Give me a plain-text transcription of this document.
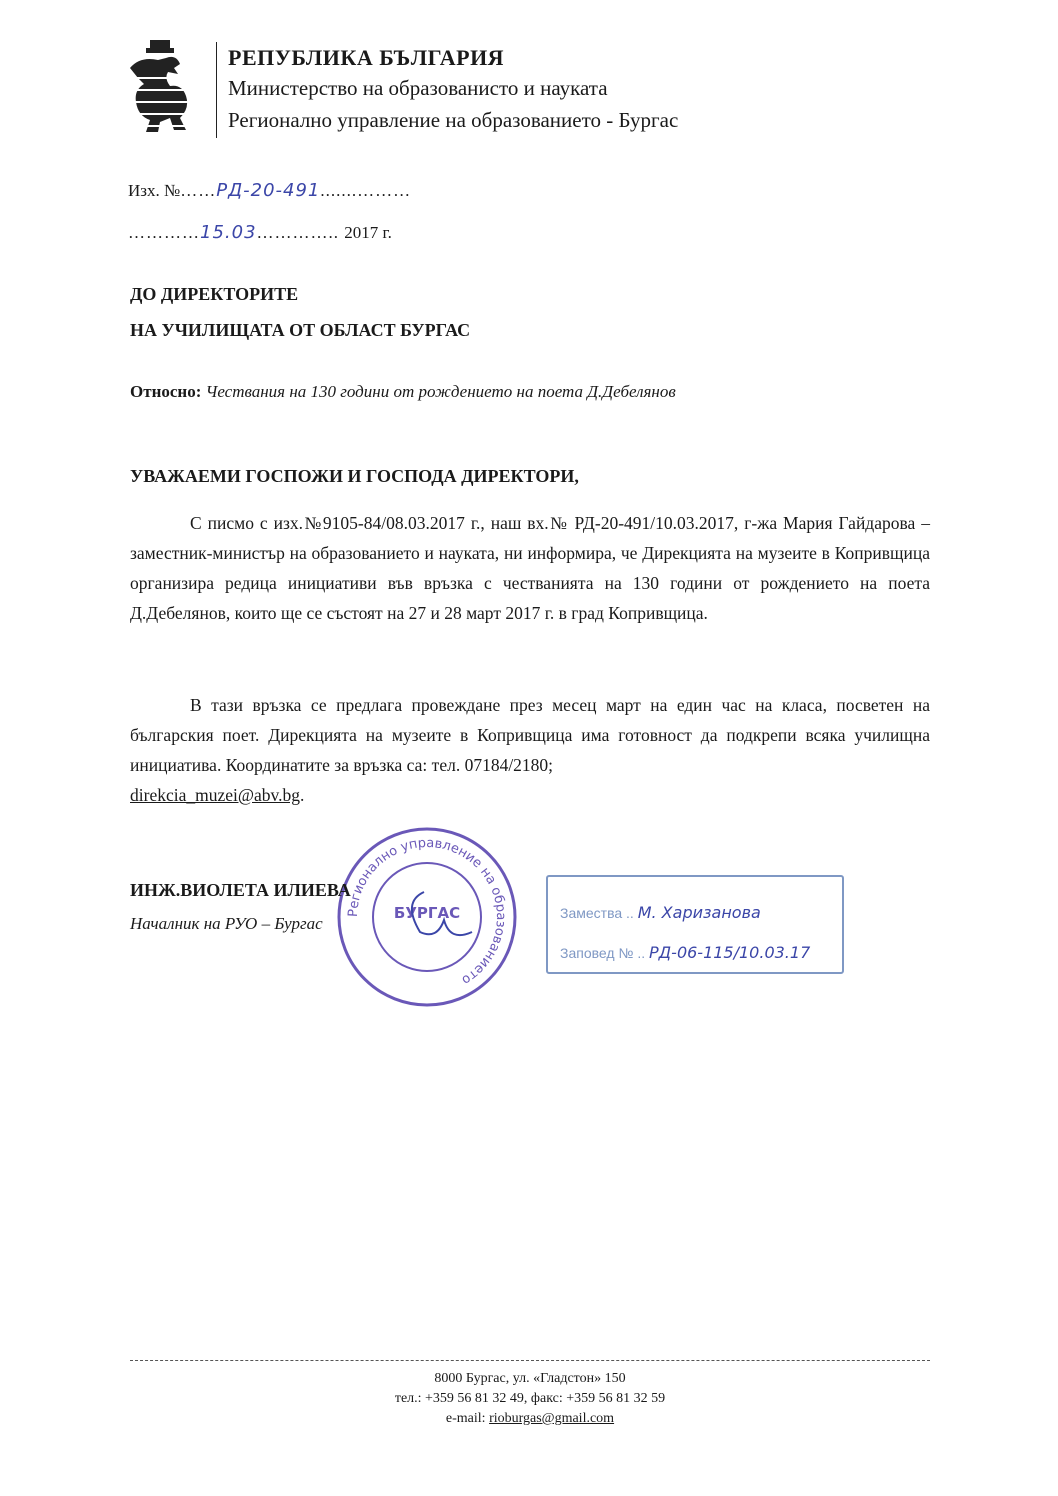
РЕПУБЛИКА БЪЛГАРИЯ
Министерство на образованисто и науката
Регионално управление на образованието - Бургас
Изх. №……РД-20-491.......………
…………15.03………….. 2017 г.
ДО ДИРЕКТОРИТЕ
НА УЧИЛИЩАТА ОТ ОБЛАСТ БУРГАС
Относно: Чествания на 130 години от рождението на поета Д.Дебелянов
УВАЖАЕМИ ГОСПОЖИ И ГОСПОДА ДИРЕКТОРИ,
С писмо с изх.№9105-84/08.03.2017 г., наш вх.№ РД-20-491/10.03.2017, г-жа Мария Гайдарова – заместник-министър на образованието и науката, ни информира, че Дирекцията на музеите в Копривщица организира редица инициативи във връзка с честванията на 130 години от рождението на поета Д.Дебелянов, които ще се състоят на 27 и 28 март 2017 г. в град Копривщица.
В тази връзка се предлага провеждане през месец март на един час на класа, посветен на българския поет. Дирекцията на музеите в Копривщица има готовност да подкрепи всяка училищна инициатива. Координатите за връзка са: тел. 07184/2180;
direkcia_muzei@abv.bg.
Регионално управление на образованието
БУРГАС
ИНЖ.ВИОЛЕТА ИЛИЕВА
Началник на РУО – Бургас
Замества .. М. Харизанова
Заповед № .. РД-06-115/10.03.17
8000 Бургас, ул. «Гладстон» 150
тел.: +359 56 81 32 49, факс: +359 56 81 32 59
e-mail: rioburgas@gmail.com
